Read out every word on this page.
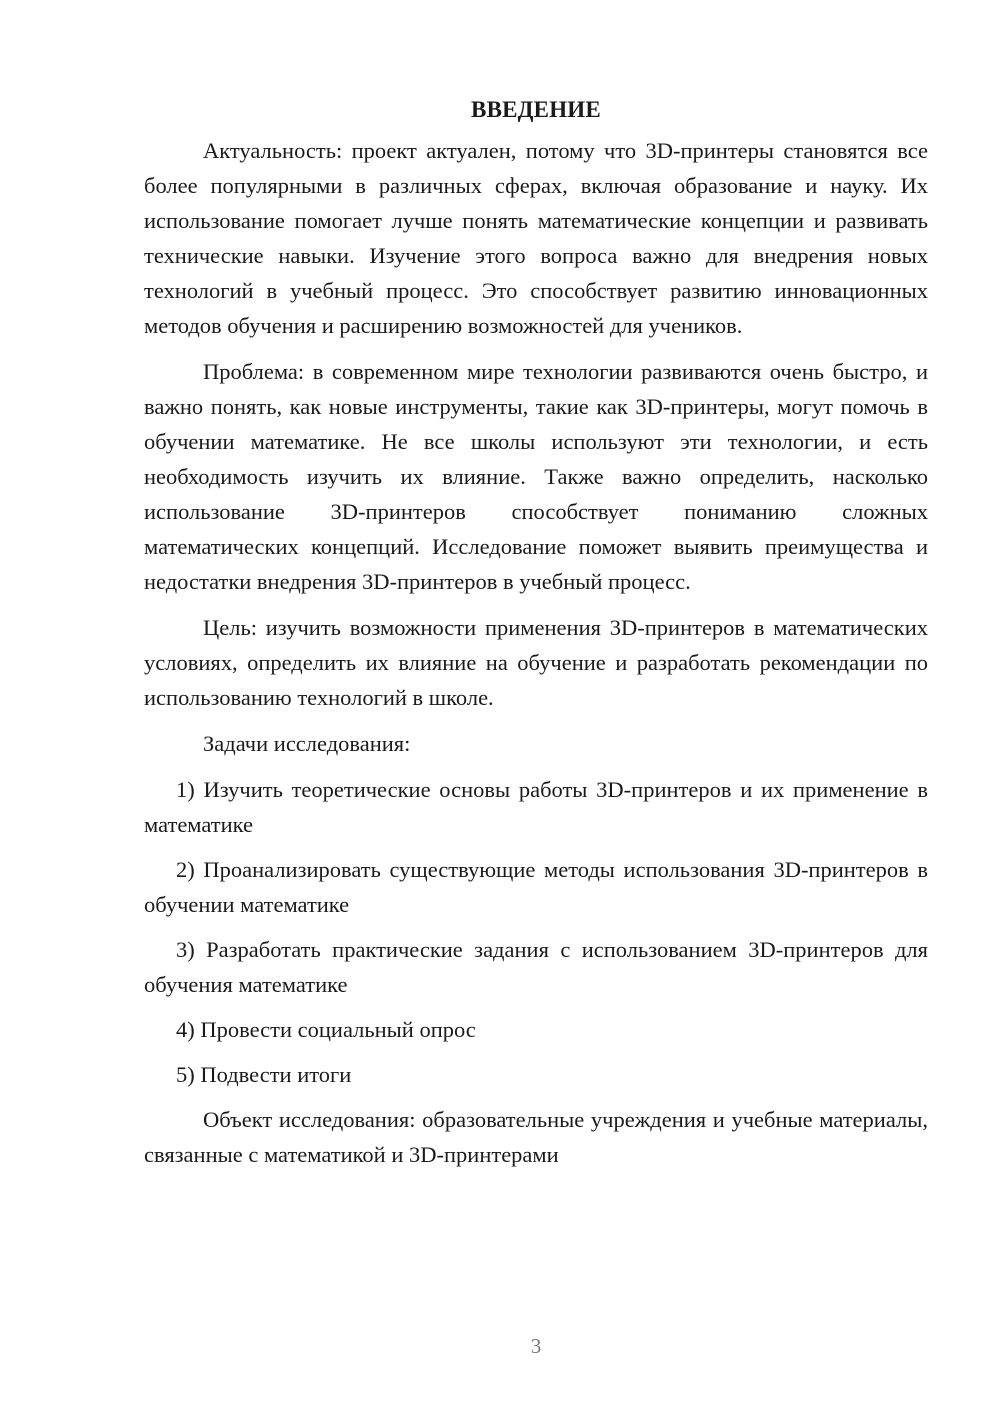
ВВЕДЕНИЕ

Актуальность: проект актуален, потому что 3D-принтеры становятся все более популярными в различных сферах, включая образование и науку. Их использование помогает лучше понять математические концепции и развивать технические навыки. Изучение этого вопроса важно для внедрения новых технологий в учебный процесс. Это способствует развитию инновационных методов обучения и расширению возможностей для учеников.

Проблема: в современном мире технологии развиваются очень быстро, и важно понять, как новые инструменты, такие как 3D-принтеры, могут помочь в обучении математике. Не все школы используют эти технологии, и есть необходимость изучить их влияние. Также важно определить, насколько использование 3D-принтеров способствует пониманию сложных математических концепций. Исследование поможет выявить преимущества и недостатки внедрения 3D-принтеров в учебный процесс.

Цель: изучить возможности применения 3D-принтеров в математических условиях, определить их влияние на обучение и разработать рекомендации по использованию технологий в школе.

Задачи исследования:

1) Изучить теоретические основы работы 3D-принтеров и их применение в математике

2) Проанализировать существующие методы использования 3D-принтеров в обучении математике

3) Разработать практические задания с использованием 3D-принтеров для обучения математике

4) Провести социальный опрос

5) Подвести итоги

Объект исследования: образовательные учреждения и учебные материалы, связанные с математикой и 3D-принтерами

3
